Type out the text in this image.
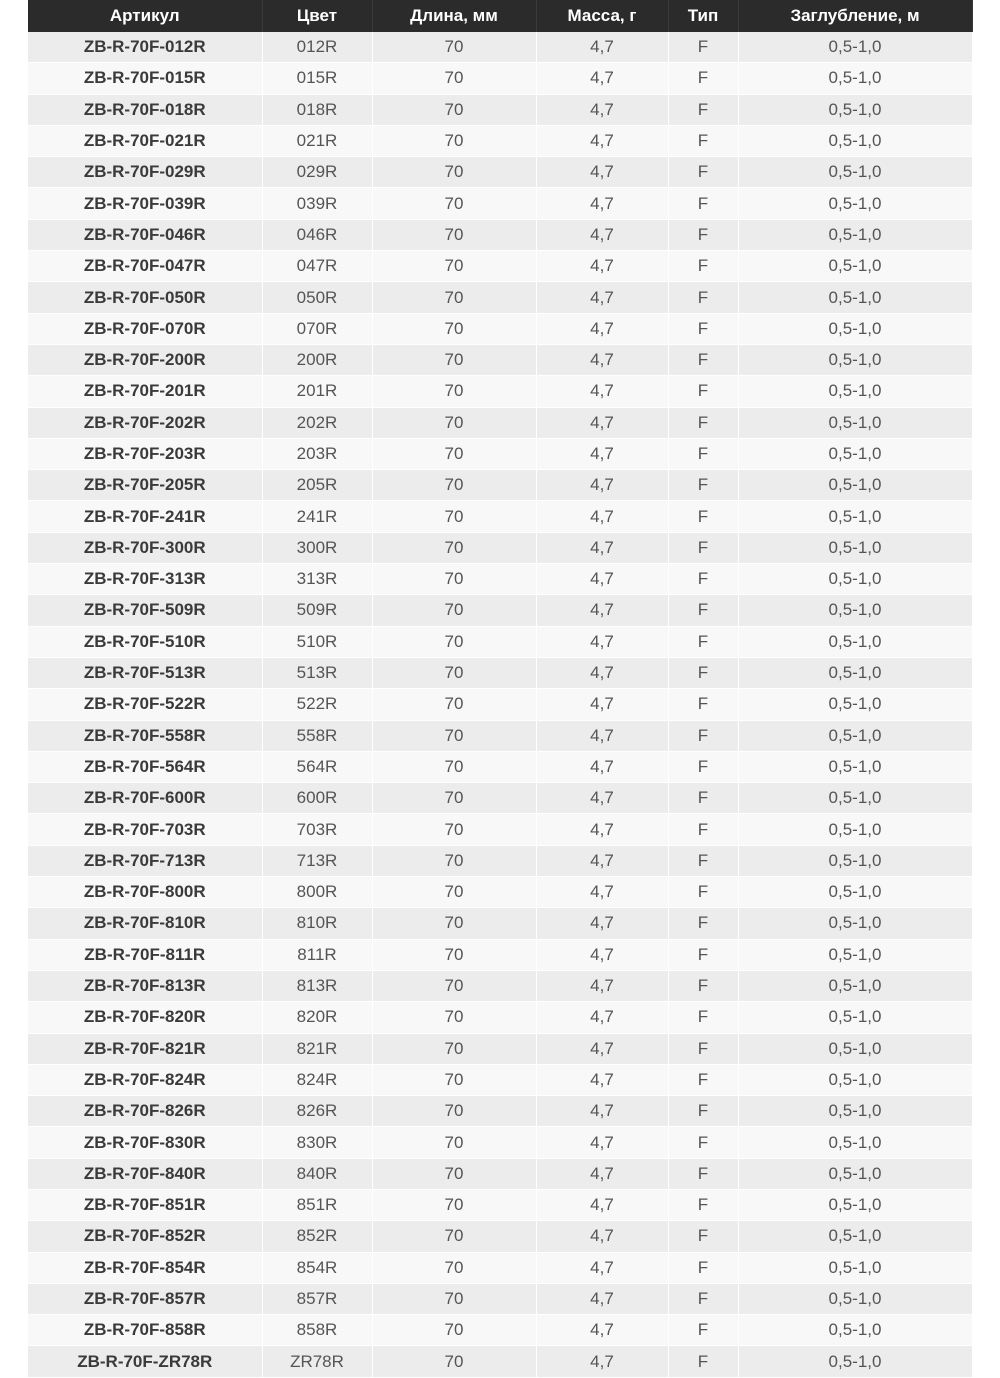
Артикул	Цвет	Длина, мм	Масса, г	Тип	Заглубление, м
ZB-R-70F-012R	012R	70	4,7	F	0,5-1,0
ZB-R-70F-015R	015R	70	4,7	F	0,5-1,0
ZB-R-70F-018R	018R	70	4,7	F	0,5-1,0
ZB-R-70F-021R	021R	70	4,7	F	0,5-1,0
ZB-R-70F-029R	029R	70	4,7	F	0,5-1,0
ZB-R-70F-039R	039R	70	4,7	F	0,5-1,0
ZB-R-70F-046R	046R	70	4,7	F	0,5-1,0
ZB-R-70F-047R	047R	70	4,7	F	0,5-1,0
ZB-R-70F-050R	050R	70	4,7	F	0,5-1,0
ZB-R-70F-070R	070R	70	4,7	F	0,5-1,0
ZB-R-70F-200R	200R	70	4,7	F	0,5-1,0
ZB-R-70F-201R	201R	70	4,7	F	0,5-1,0
ZB-R-70F-202R	202R	70	4,7	F	0,5-1,0
ZB-R-70F-203R	203R	70	4,7	F	0,5-1,0
ZB-R-70F-205R	205R	70	4,7	F	0,5-1,0
ZB-R-70F-241R	241R	70	4,7	F	0,5-1,0
ZB-R-70F-300R	300R	70	4,7	F	0,5-1,0
ZB-R-70F-313R	313R	70	4,7	F	0,5-1,0
ZB-R-70F-509R	509R	70	4,7	F	0,5-1,0
ZB-R-70F-510R	510R	70	4,7	F	0,5-1,0
ZB-R-70F-513R	513R	70	4,7	F	0,5-1,0
ZB-R-70F-522R	522R	70	4,7	F	0,5-1,0
ZB-R-70F-558R	558R	70	4,7	F	0,5-1,0
ZB-R-70F-564R	564R	70	4,7	F	0,5-1,0
ZB-R-70F-600R	600R	70	4,7	F	0,5-1,0
ZB-R-70F-703R	703R	70	4,7	F	0,5-1,0
ZB-R-70F-713R	713R	70	4,7	F	0,5-1,0
ZB-R-70F-800R	800R	70	4,7	F	0,5-1,0
ZB-R-70F-810R	810R	70	4,7	F	0,5-1,0
ZB-R-70F-811R	811R	70	4,7	F	0,5-1,0
ZB-R-70F-813R	813R	70	4,7	F	0,5-1,0
ZB-R-70F-820R	820R	70	4,7	F	0,5-1,0
ZB-R-70F-821R	821R	70	4,7	F	0,5-1,0
ZB-R-70F-824R	824R	70	4,7	F	0,5-1,0
ZB-R-70F-826R	826R	70	4,7	F	0,5-1,0
ZB-R-70F-830R	830R	70	4,7	F	0,5-1,0
ZB-R-70F-840R	840R	70	4,7	F	0,5-1,0
ZB-R-70F-851R	851R	70	4,7	F	0,5-1,0
ZB-R-70F-852R	852R	70	4,7	F	0,5-1,0
ZB-R-70F-854R	854R	70	4,7	F	0,5-1,0
ZB-R-70F-857R	857R	70	4,7	F	0,5-1,0
ZB-R-70F-858R	858R	70	4,7	F	0,5-1,0
ZB-R-70F-ZR78R	ZR78R	70	4,7	F	0,5-1,0
